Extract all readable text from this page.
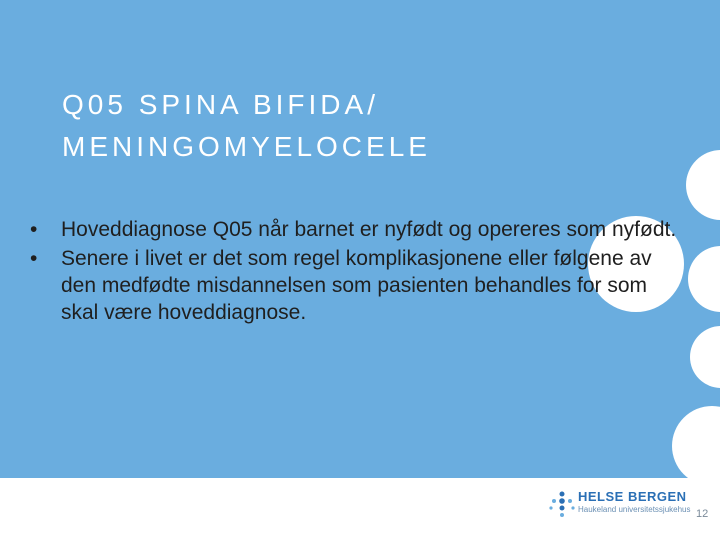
Q05 SPINA BIFIDA/
MENINGOMYELOCELE
• Hoveddiagnose Q05 når barnet er nyfødt og opereres som nyfødt.
• Senere i livet er det som regel komplikasjonene eller følgene av den medfødte misdannelsen som pasienten behandles for som skal være hoveddiagnose.
HELSE BERGEN
Haukeland universitetssjukehus 12
